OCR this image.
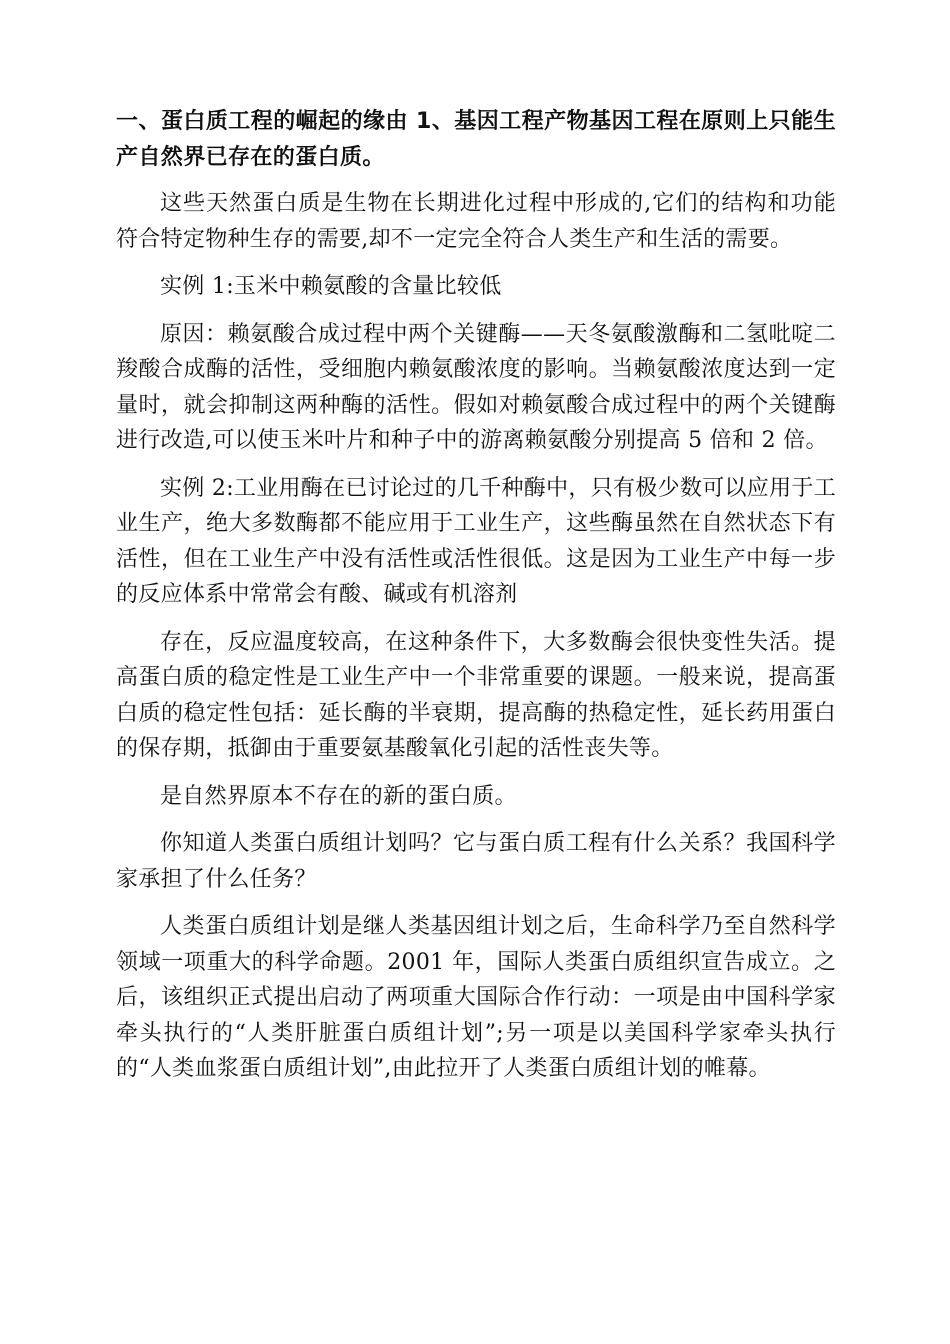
一、蛋白质工程的崛起的缘由 1、基因工程产物基因工程在原则上只能生产自然界已存在的蛋白质。

这些天然蛋白质是生物在长期进化过程中形成的,它们的结构和功能符合特定物种生存的需要,却不一定完全符合人类生产和生活的需要。

实例 1:玉米中赖氨酸的含量比较低

原因：赖氨酸合成过程中两个关键酶——天冬氨酸激酶和二氢吡啶二羧酸合成酶的活性，受细胞内赖氨酸浓度的影响。当赖氨酸浓度达到一定量时，就会抑制这两种酶的活性。假如对赖氨酸合成过程中的两个关键酶进行改造,可以使玉米叶片和种子中的游离赖氨酸分别提高 5 倍和 2 倍。

实例 2:工业用酶在已讨论过的几千种酶中，只有极少数可以应用于工业生产，绝大多数酶都不能应用于工业生产，这些酶虽然在自然状态下有活性，但在工业生产中没有活性或活性很低。这是因为工业生产中每一步的反应体系中常常会有酸、碱或有机溶剂

存在，反应温度较高，在这种条件下，大多数酶会很快变性失活。提高蛋白质的稳定性是工业生产中一个非常重要的课题。一般来说，提高蛋白质的稳定性包括：延长酶的半衰期，提高酶的热稳定性，延长药用蛋白的保存期，抵御由于重要氨基酸氧化引起的活性丧失等。

是自然界原本不存在的新的蛋白质。

你知道人类蛋白质组计划吗？它与蛋白质工程有什么关系？我国科学家承担了什么任务？

人类蛋白质组计划是继人类基因组计划之后，生命科学乃至自然科学领域一项重大的科学命题。2001 年，国际人类蛋白质组织宣告成立。之后，该组织正式提出启动了两项重大国际合作行动：一项是由中国科学家牵头执行的“人类肝脏蛋白质组计划”;另一项是以美国科学家牵头执行的“人类血浆蛋白质组计划”,由此拉开了人类蛋白质组计划的帷幕。
